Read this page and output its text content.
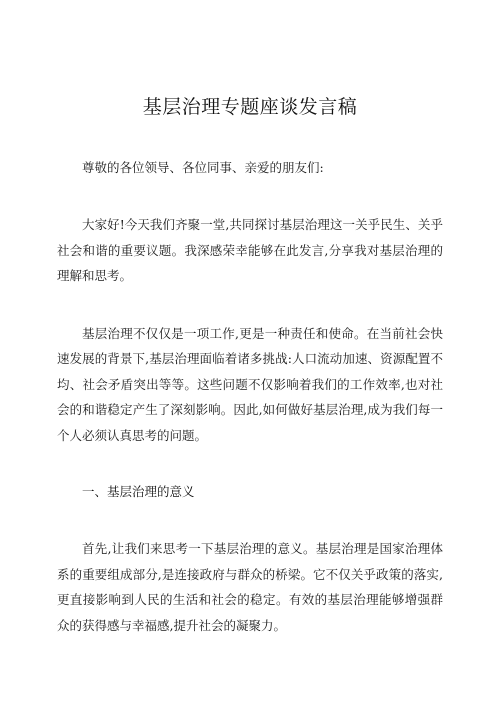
基层治理专题座谈发言稿

尊敬的各位领导、各位同事、亲爱的朋友们:

大家好!今天我们齐聚一堂,共同探讨基层治理这一关乎民生、关乎社会和谐的重要议题。我深感荣幸能够在此发言,分享我对基层治理的理解和思考。

基层治理不仅仅是一项工作,更是一种责任和使命。在当前社会快速发展的背景下,基层治理面临着诸多挑战:人口流动加速、资源配置不均、社会矛盾突出等等。这些问题不仅影响着我们的工作效率,也对社会的和谐稳定产生了深刻影响。因此,如何做好基层治理,成为我们每一个人必须认真思考的问题。

一、基层治理的意义

首先,让我们来思考一下基层治理的意义。基层治理是国家治理体系的重要组成部分,是连接政府与群众的桥梁。它不仅关乎政策的落实,更直接影响到人民的生活和社会的稳定。有效的基层治理能够增强群众的获得感与幸福感,提升社会的凝聚力。
